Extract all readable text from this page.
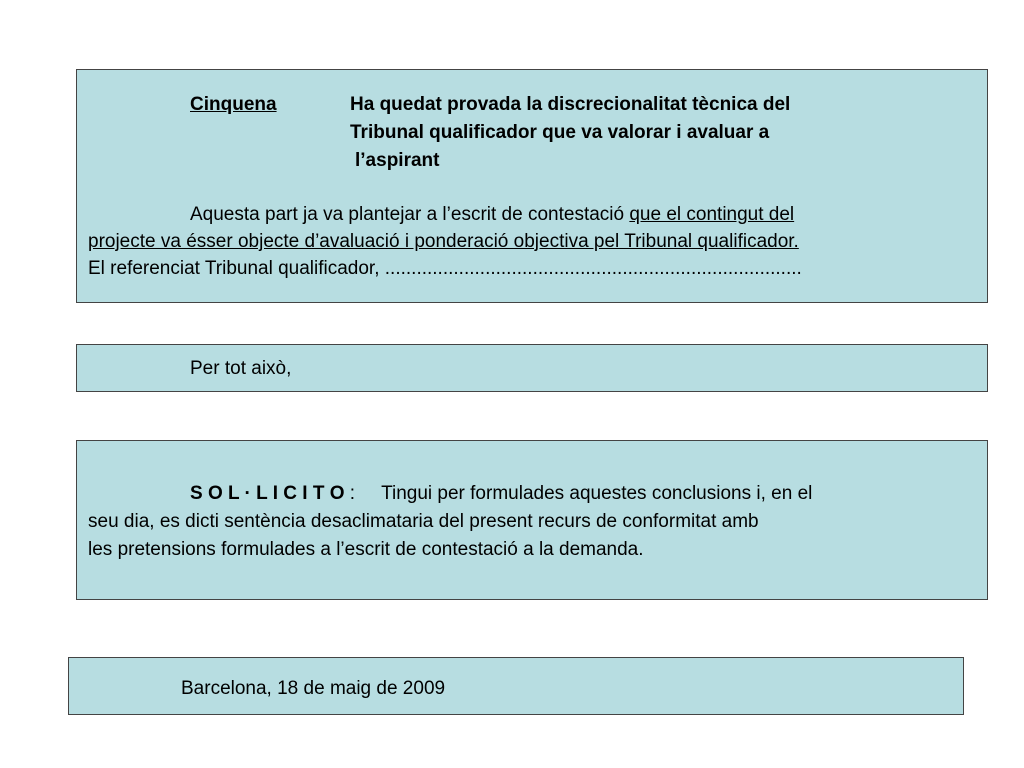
Cinquena	Ha quedat provada la discrecionalitat tècnica del
Tribunal qualificador que va valorar i avaluar a
l’aspirant
Aquesta part ja va plantejar a l’escrit de contestació que el contingut del
projecte va ésser objecte d’avaluació i ponderació objectiva pel Tribunal qualificador.
El referenciat Tribunal qualificador, ...............................................................................
Per tot això,
S O L · L I C I T O :     Tingui per formulades aquestes conclusions i, en el
seu dia, es dicti sentència desaclimataria del present recurs de conformitat amb
les pretensions formulades a l’escrit de contestació a la demanda.
Barcelona, 18 de maig de 2009
